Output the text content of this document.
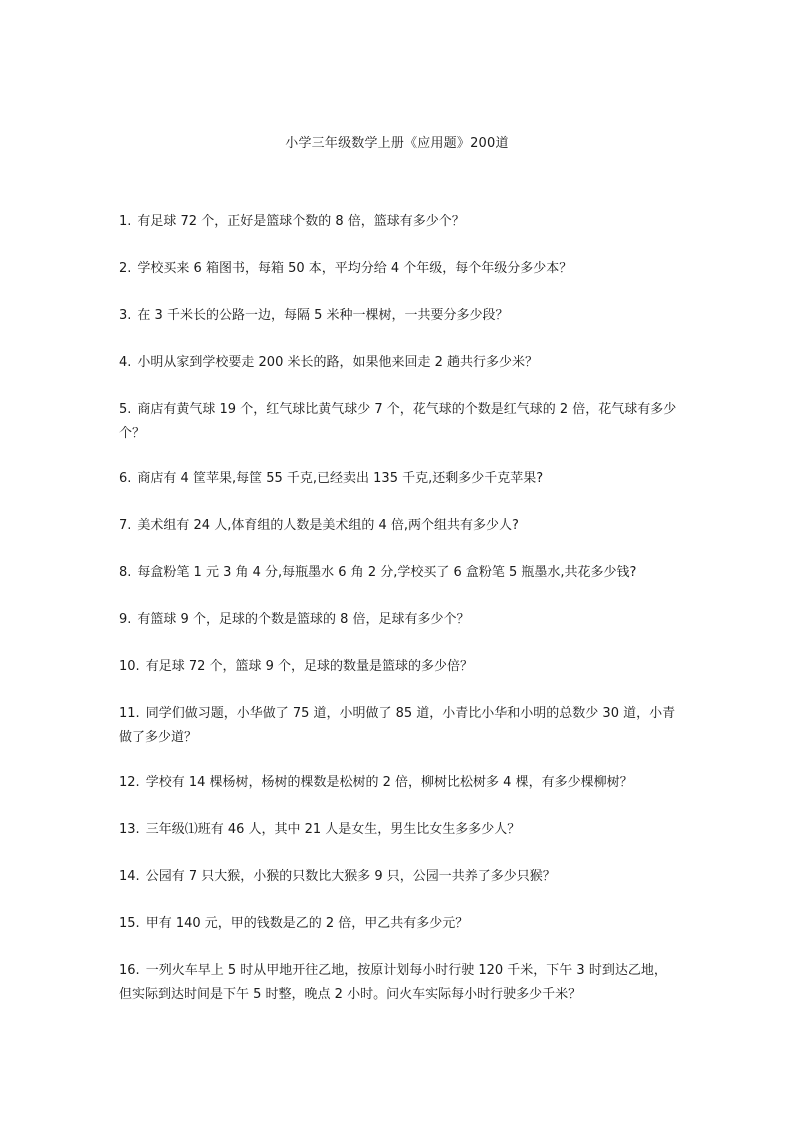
小学三年级数学上册《应用题》200道
1. 有足球 72 个，正好是篮球个数的 8 倍，篮球有多少个？
2. 学校买来 6 箱图书，每箱 50 本，平均分给 4 个年级，每个年级分多少本？
3. 在 3 千米长的公路一边，每隔 5 米种一棵树，一共要分多少段？
4. 小明从家到学校要走 200 米长的路，如果他来回走 2 趟共行多少米？
5. 商店有黄气球 19 个，红气球比黄气球少 7 个，花气球的个数是红气球的 2 倍，花气球有多少个？
6. 商店有 4 筐苹果,每筐 55 千克,已经卖出 135 千克,还剩多少千克苹果?
7. 美术组有 24 人,体育组的人数是美术组的 4 倍,两个组共有多少人?
8. 每盒粉笔 1 元 3 角 4 分,每瓶墨水 6 角 2 分,学校买了 6 盒粉笔 5 瓶墨水,共花多少钱?
9. 有篮球 9 个，足球的个数是篮球的 8 倍，足球有多少个？
10. 有足球 72 个，篮球 9 个，足球的数量是篮球的多少倍？
11. 同学们做习题，小华做了 75 道，小明做了 85 道，小青比小华和小明的总数少 30 道，小青做了多少道？
12. 学校有 14 棵杨树，杨树的棵数是松树的 2 倍，柳树比松树多 4 棵，有多少棵柳树？
13. 三年级⑴班有 46 人，其中 21 人是女生，男生比女生多多少人？
14. 公园有 7 只大猴，小猴的只数比大猴多 9 只，公园一共养了多少只猴？
15. 甲有 140 元，甲的钱数是乙的 2 倍，甲乙共有多少元？
16. 一列火车早上 5 时从甲地开往乙地，按原计划每小时行驶 120 千米，下午 3 时到达乙地，但实际到达时间是下午 5 时整，晚点 2 小时。问火车实际每小时行驶多少千米？
